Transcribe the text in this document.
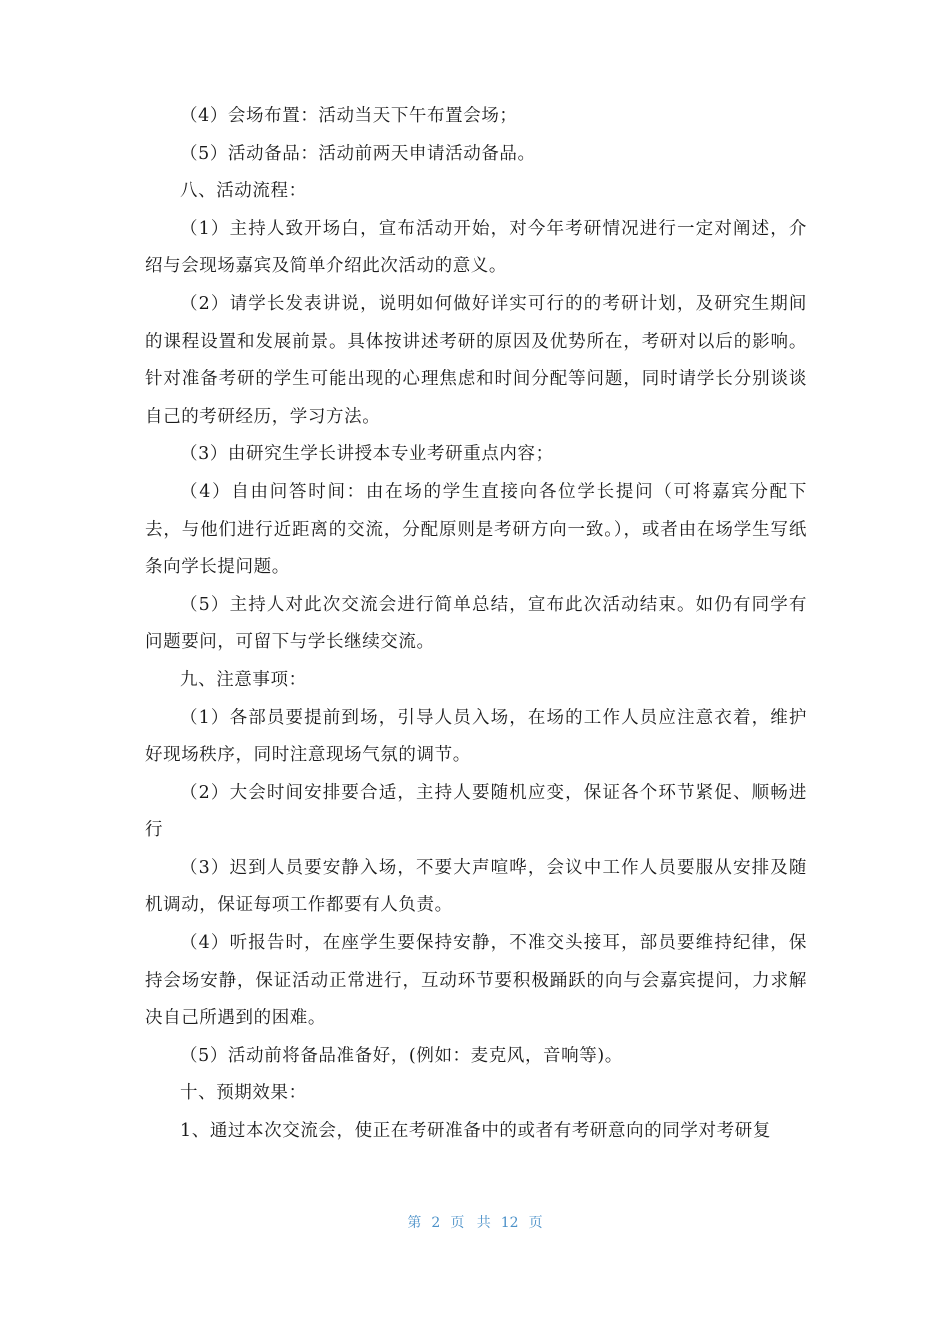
（4）会场布置：活动当天下午布置会场；

（5）活动备品：活动前两天申请活动备品。

八、活动流程：

（1）主持人致开场白，宣布活动开始，对今年考研情况进行一定对阐述，介绍与会现场嘉宾及简单介绍此次活动的意义。

（2）请学长发表讲说，说明如何做好详实可行的的考研计划，及研究生期间的课程设置和发展前景。具体按讲述考研的原因及优势所在，考研对以后的影响。针对准备考研的学生可能出现的心理焦虑和时间分配等问题，同时请学长分别谈谈自己的考研经历，学习方法。

（3）由研究生学长讲授本专业考研重点内容；

（4）自由问答时间：由在场的学生直接向各位学长提问（可将嘉宾分配下去，与他们进行近距离的交流，分配原则是考研方向一致。），或者由在场学生写纸条向学长提问题。

（5）主持人对此次交流会进行简单总结，宣布此次活动结束。如仍有同学有问题要问，可留下与学长继续交流。

九、注意事项：

（1）各部员要提前到场，引导人员入场，在场的工作人员应注意衣着，维护好现场秩序，同时注意现场气氛的调节。

（2）大会时间安排要合适，主持人要随机应变，保证各个环节紧促、顺畅进行

（3）迟到人员要安静入场，不要大声喧哗，会议中工作人员要服从安排及随机调动，保证每项工作都要有人负责。

（4）听报告时，在座学生要保持安静，不准交头接耳，部员要维持纪律，保持会场安静，保证活动正常进行，互动环节要积极踊跃的向与会嘉宾提问，力求解决自己所遇到的困难。

（5）活动前将备品准备好，(例如：麦克风，音响等)。

十、预期效果：

1、通过本次交流会，使正在考研准备中的或者有考研意向的同学对考研复

第 2 页 共 12 页
